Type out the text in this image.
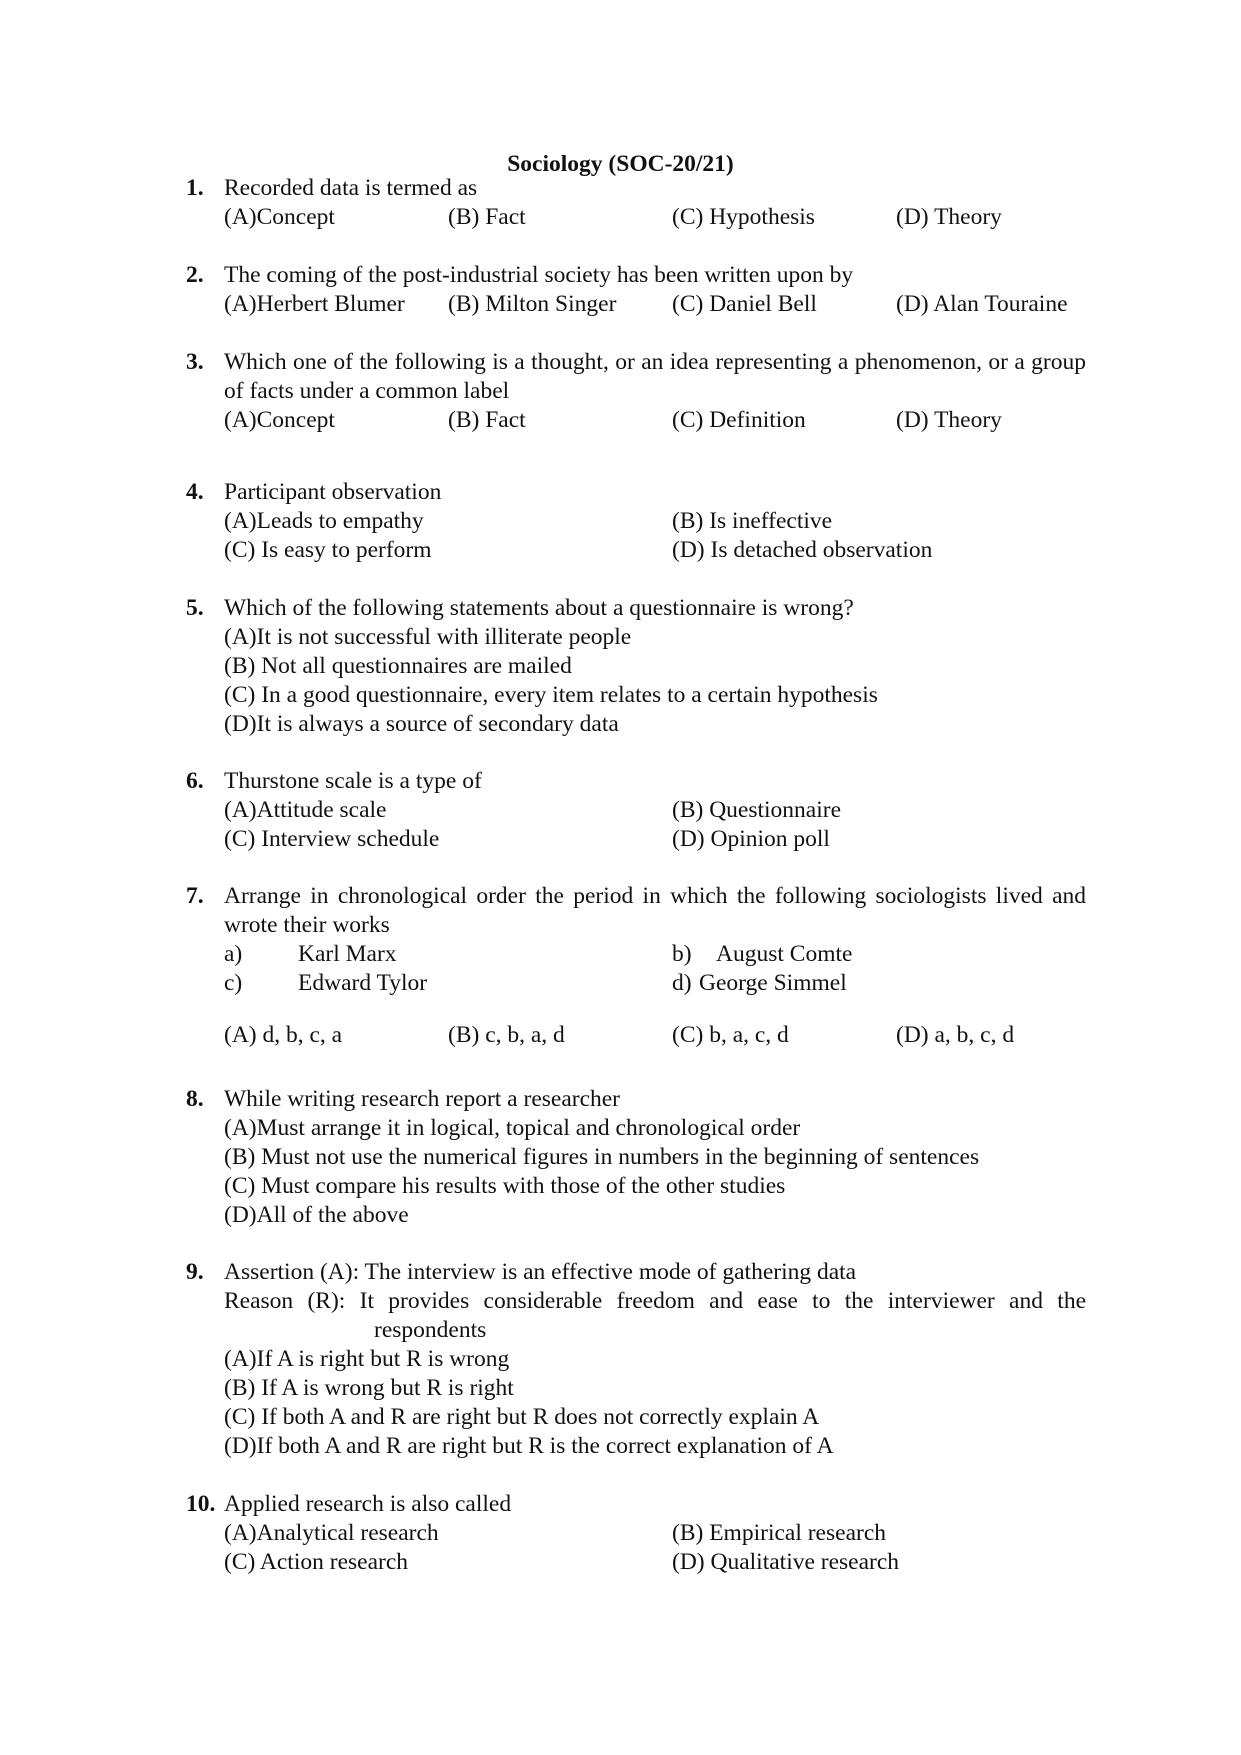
Sociology (SOC-20/21)
1. Recorded data is termed as
(A)Concept	(B) Fact	(C) Hypothesis	(D) Theory
2. The coming of the post-industrial society has been written upon by
(A)Herbert Blumer (B) Milton Singer (C) Daniel Bell	(D) Alan Touraine
3. Which one of the following is a thought, or an idea representing a phenomenon, or a group of facts under a common label
(A)Concept	(B) Fact	(C) Definition	(D) Theory
4. Participant observation
(A)Leads to empathy	(B) Is ineffective
(C) Is easy to perform	(D) Is detached observation
5. Which of the following statements about a questionnaire is wrong?
(A)It is not successful with illiterate people
(B) Not all questionnaires are mailed
(C) In a good questionnaire, every item relates to a certain hypothesis
(D)It is always a source of secondary data
6. Thurstone scale is a type of
(A)Attitude scale	(B) Questionnaire
(C) Interview schedule	(D) Opinion poll
7. Arrange in chronological order the period in which the following sociologists lived and wrote their works
a) Karl Marx	b) August Comte
c) Edward Tylor	d) George Simmel
(A) d, b, c, a	(B) c, b, a, d	(C) b, a, c, d	(D) a, b, c, d
8. While writing research report a researcher
(A)Must arrange it in logical, topical and chronological order
(B) Must not use the numerical figures in numbers in the beginning of sentences
(C) Must compare his results with those of the other studies
(D)All of the above
9. Assertion (A): The interview is an effective mode of gathering data
Reason (R): It provides considerable freedom and ease to the interviewer and the
respondents
(A)If A is right but R is wrong
(B) If A is wrong but R is right
(C) If both A and R are right but R does not correctly explain A
(D)If both A and R are right but R is the correct explanation of A
10. Applied research is also called
(A)Analytical research	(B) Empirical research
(C) Action research	(D) Qualitative research
